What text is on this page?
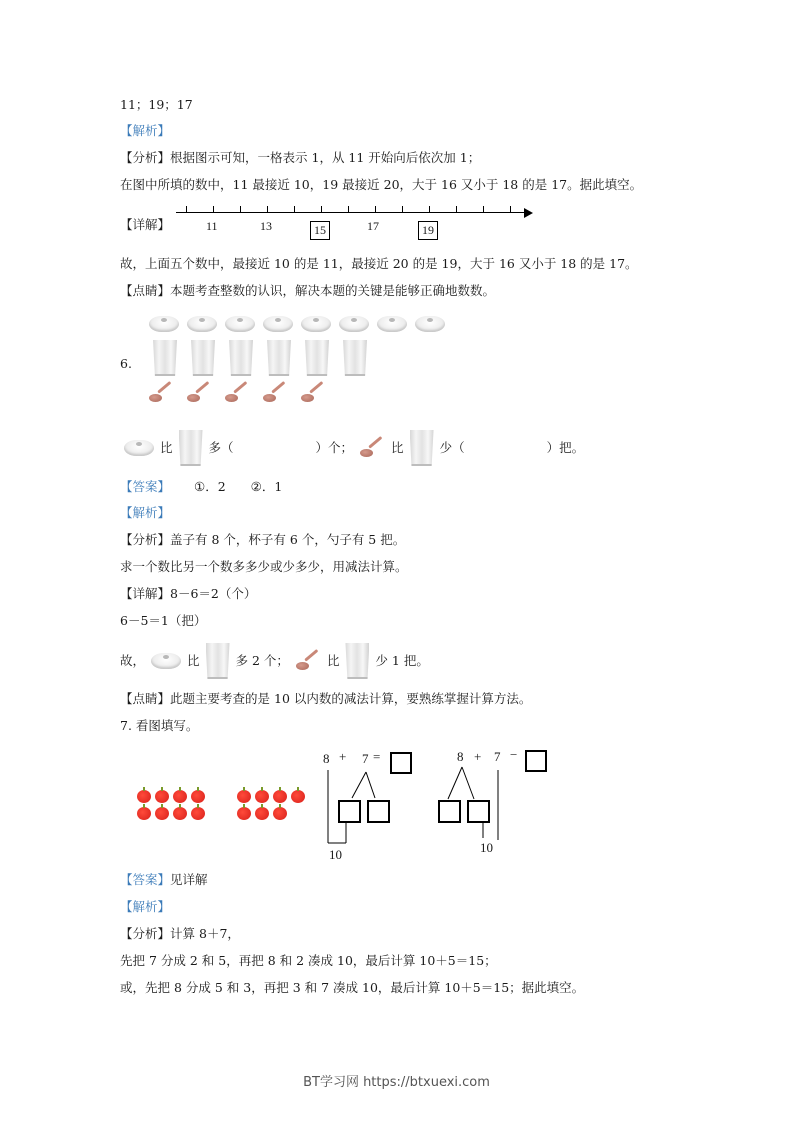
11；19；17
【解析】
【分析】根据图示可知，一格表示 1，从 11 开始向后依次加 1；
在图中所填的数中，11 最接近 10，19 最接近 20，大于 16 又小于 18 的是 17。据此填空。
【详解】	11	13	15	17	19
故，上面五个数中，最接近 10 的是 11，最接近 20 的是 19，大于 16 又小于 18 的是 17。
【点睛】本题考查整数的认识，解决本题的关键是能够正确地数数。
6.
比	多（	）个；	比	少（	）把。
【答案】 ①．2　　②．1
【解析】
【分析】盖子有 8 个，杯子有 6 个，勺子有 5 把。
求一个数比另一个数多多少或少多少，用减法计算。
【详解】8－6＝2（个）
6－5＝1（把）
故，	比	多 2 个；	比	少 1 把。
【点睛】此题主要考查的是 10 以内数的减法计算，要熟练掌握计算方法。
7. 看图填写。
8 + 7 =
10
8 + 7 −
10
【答案】见详解
【解析】
【分析】计算 8＋7，
先把 7 分成 2 和 5，再把 8 和 2 凑成 10，最后计算 10＋5＝15；
或，先把 8 分成 5 和 3，再把 3 和 7 凑成 10，最后计算 10＋5＝15；据此填空。
BT学习网 https://btxuexi.com
